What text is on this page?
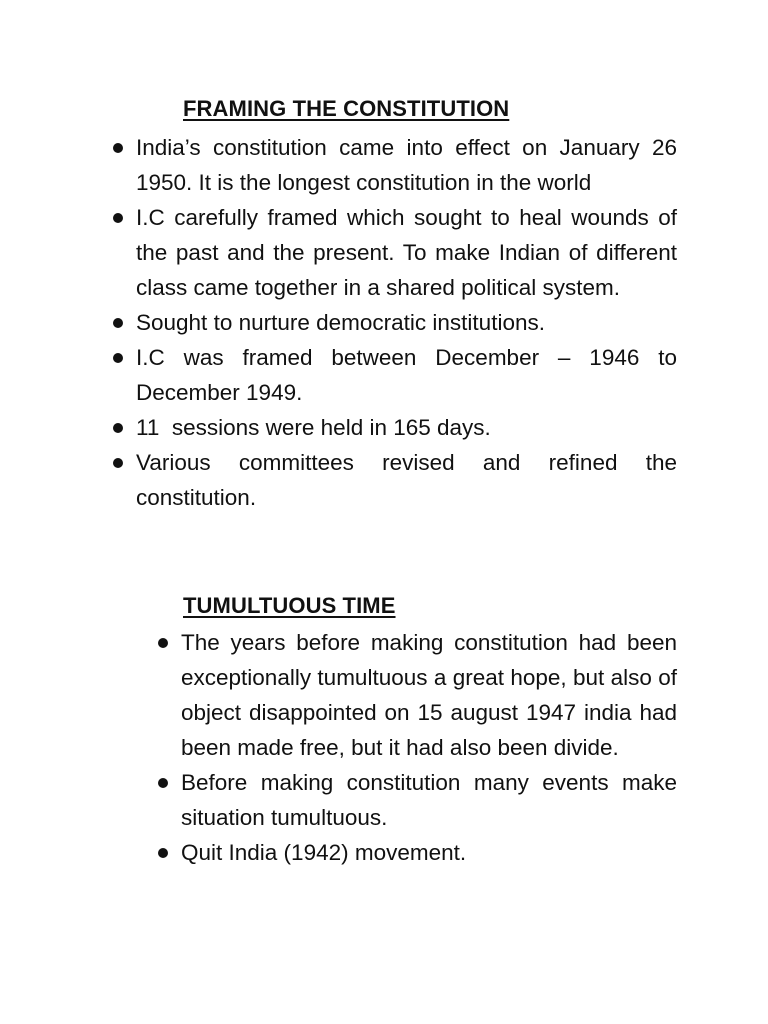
FRAMING THE CONSTITUTION
India’s constitution came into effect on January 26 1950. It is the longest constitution in the world
I.C carefully framed which sought to heal wounds of the past and the present. To make Indian of different class came together in a shared political system.
Sought to nurture democratic institutions.
I.C was framed between December – 1946 to December 1949.
11  sessions were held in 165 days.
Various committees revised and refined the constitution.
TUMULTUOUS TIME
The years before making constitution had been exceptionally tumultuous a great hope, but also of object disappointed on 15 august 1947 india had been made free, but it had also been divide.
Before making constitution many events make situation tumultuous.
Quit India (1942) movement.
